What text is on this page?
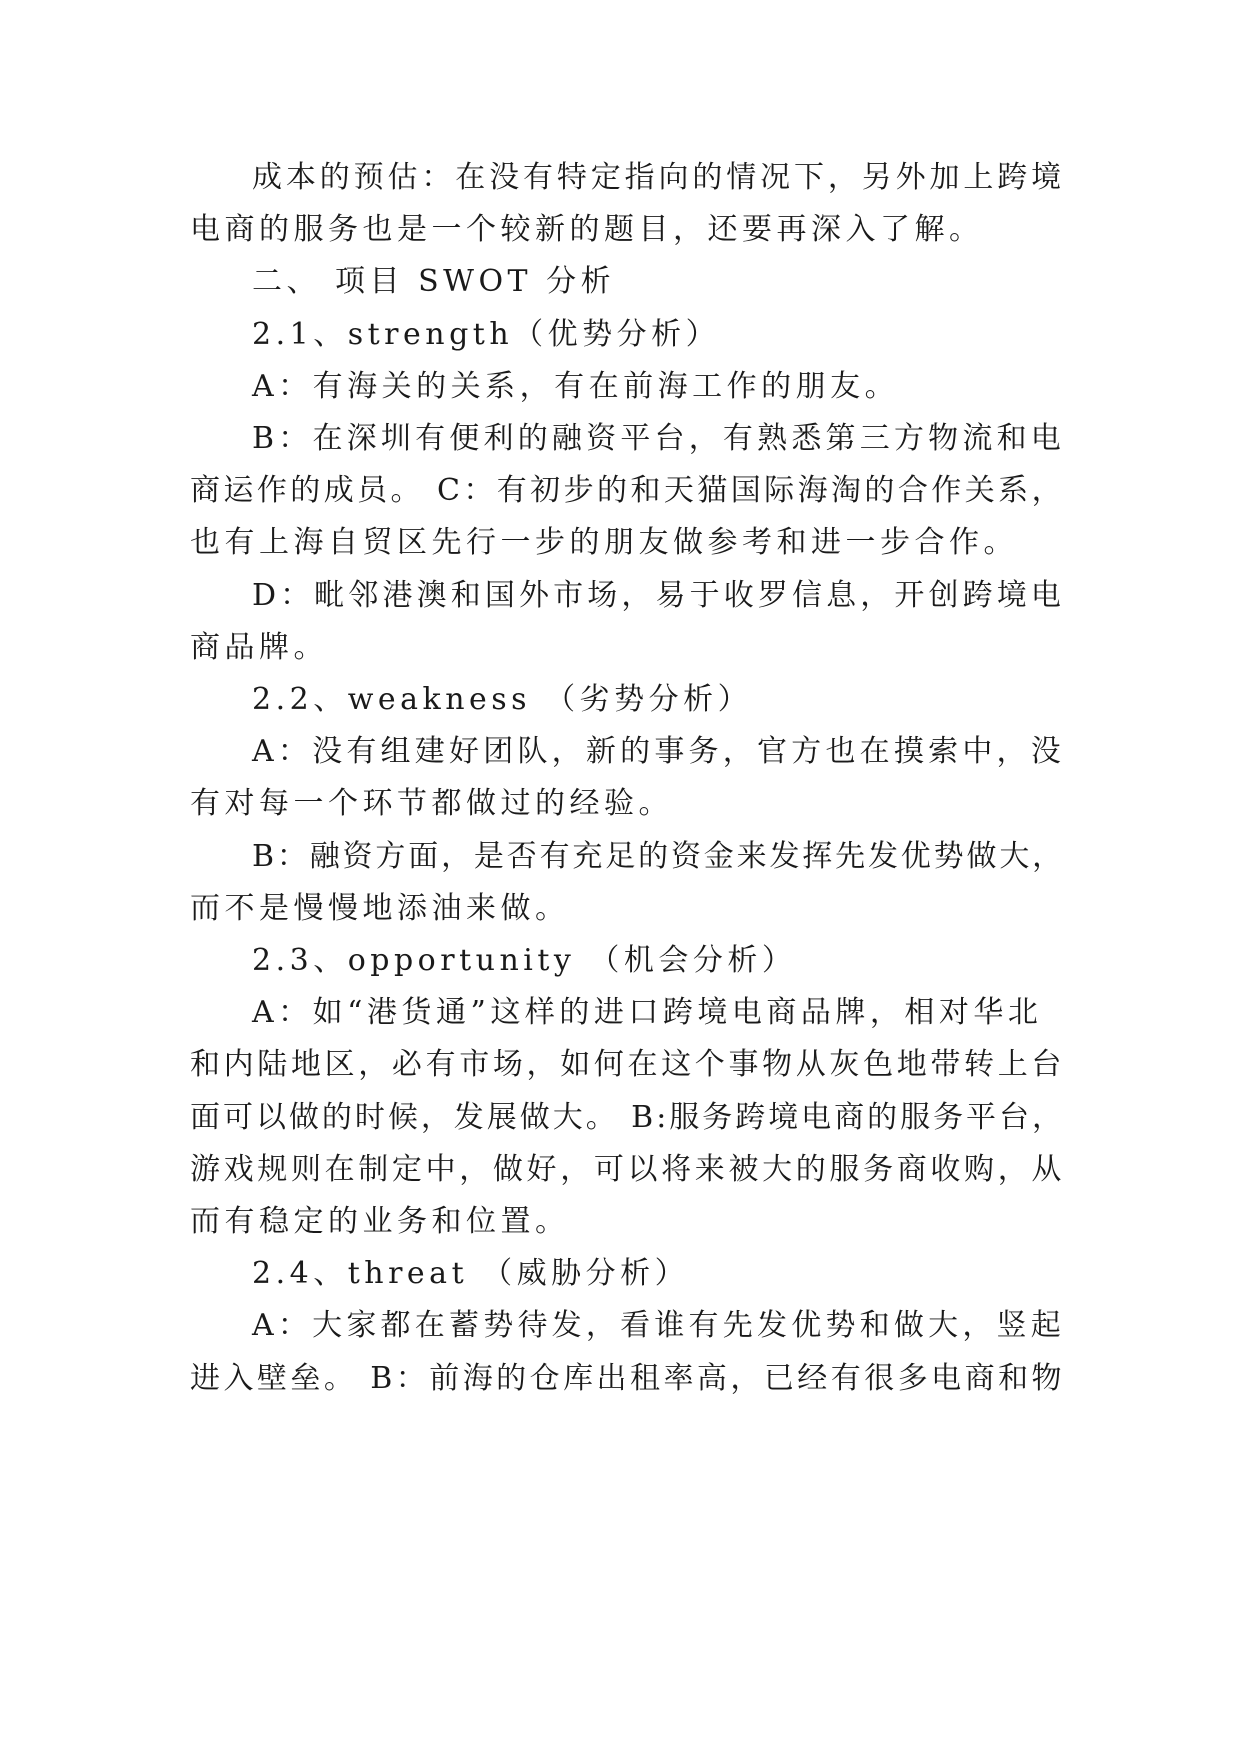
成本的预估：在没有特定指向的情况下，另外加上跨境
电商的服务也是一个较新的题目，还要再深入了解。
二、 项目 SWOT 分析
2.1、strength（优势分析）
A：有海关的关系，有在前海工作的朋友。
B：在深圳有便利的融资平台，有熟悉第三方物流和电
商运作的成员。 C：有初步的和天猫国际海淘的合作关系，
也有上海自贸区先行一步的朋友做参考和进一步合作。
D：毗邻港澳和国外市场，易于收罗信息，开创跨境电
商品牌。
2.2、weakness （劣势分析）
A：没有组建好团队，新的事务，官方也在摸索中，没
有对每一个环节都做过的经验。
B：融资方面，是否有充足的资金来发挥先发优势做大，
而不是慢慢地添油来做。
2.3、opportunity （机会分析）
A：如“港货通”这样的进口跨境电商品牌，相对华北
和内陆地区，必有市场，如何在这个事物从灰色地带转上台
面可以做的时候，发展做大。 B:服务跨境电商的服务平台，
游戏规则在制定中，做好，可以将来被大的服务商收购，从
而有稳定的业务和位置。
2.4、threat （威胁分析）
A：大家都在蓄势待发，看谁有先发优势和做大，竖起
进入壁垒。 B：前海的仓库出租率高，已经有很多电商和物
